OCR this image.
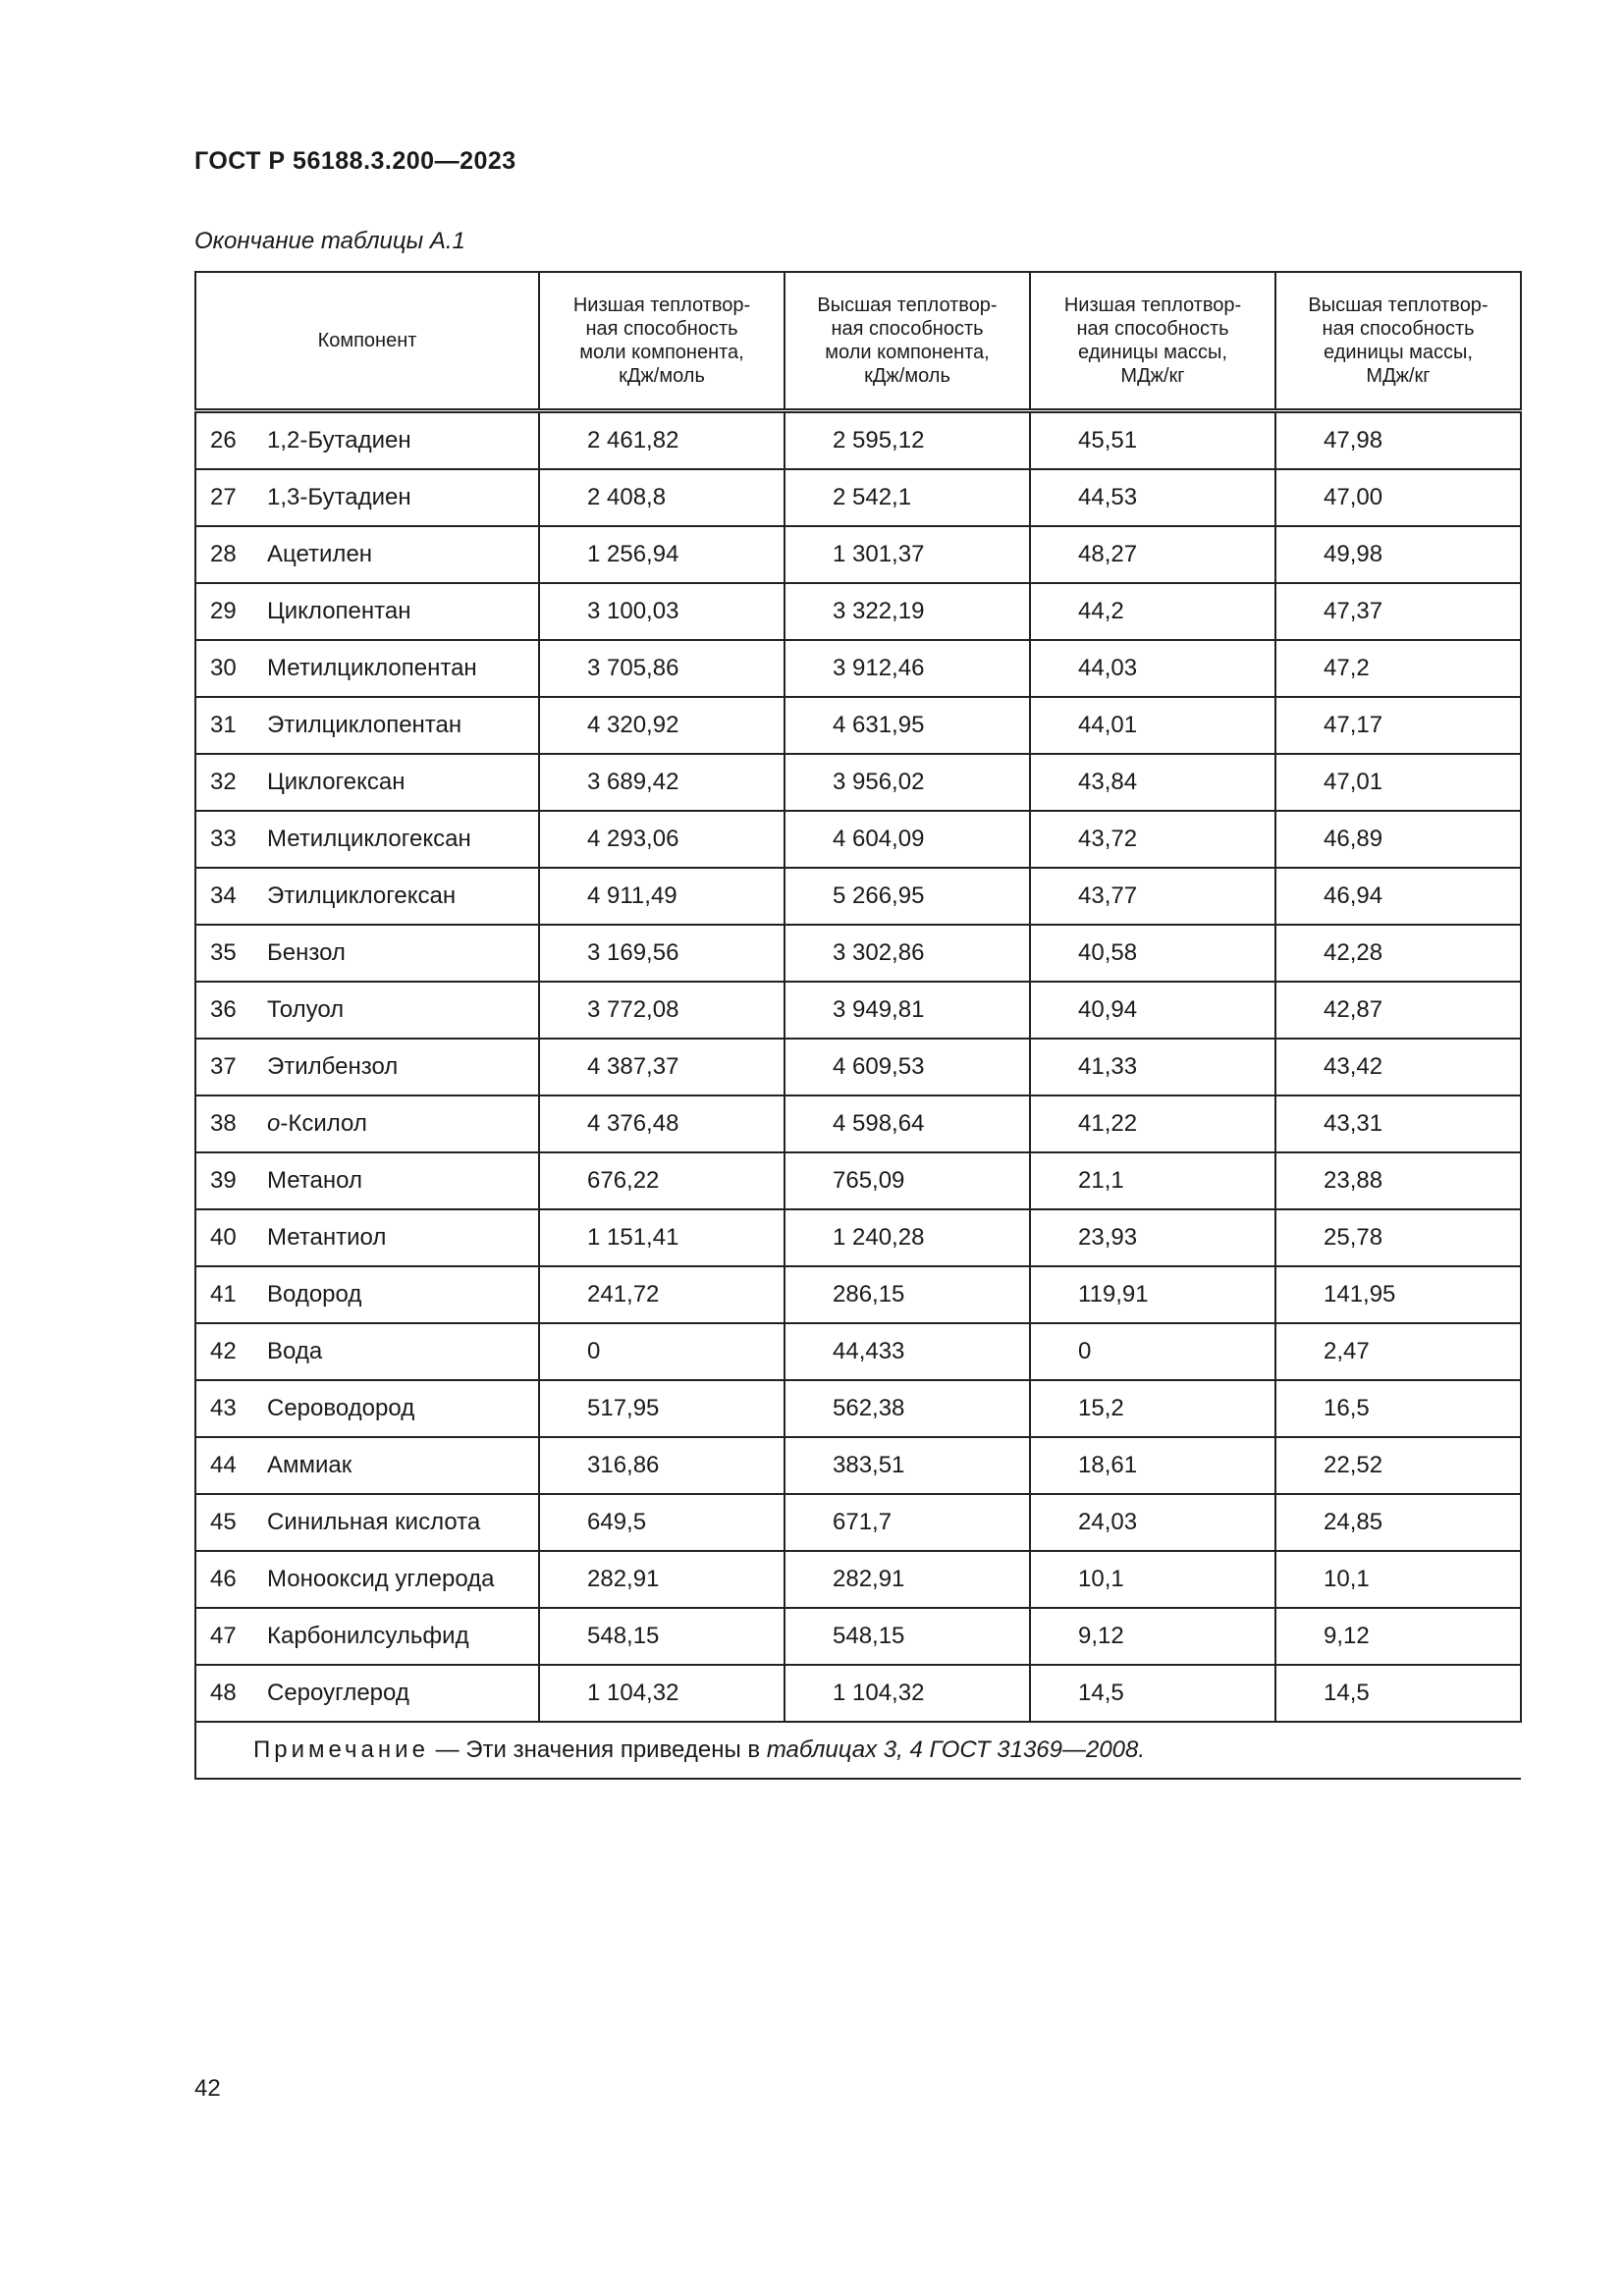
ГОСТ Р 56188.3.200—2023
Окончание таблицы А.1
Компонент	Низшая теплотвор-
ная способность
моли компонента,
кДж/моль	Высшая теплотвор-
ная способность
моли компонента,
кДж/моль	Низшая теплотвор-
ная способность
единицы массы,
МДж/кг	Высшая теплотвор-
ная способность
единицы массы,
МДж/кг
26 1,2-Бутадиен	2 461,82	2 595,12	45,51	47,98
27 1,3-Бутадиен	2 408,8	2 542,1	44,53	47,00
28 Ацетилен	1 256,94	1 301,37	48,27	49,98
29 Циклопентан	3 100,03	3 322,19	44,2	47,37
30 Метилциклопентан	3 705,86	3 912,46	44,03	47,2
31 Этилциклопентан	4 320,92	4 631,95	44,01	47,17
32 Циклогексан	3 689,42	3 956,02	43,84	47,01
33 Метилциклогексан	4 293,06	4 604,09	43,72	46,89
34 Этилциклогексан	4 911,49	5 266,95	43,77	46,94
35 Бензол	3 169,56	3 302,86	40,58	42,28
36 Толуол	3 772,08	3 949,81	40,94	42,87
37 Этилбензол	4 387,37	4 609,53	41,33	43,42
38 о-Ксилол	4 376,48	4 598,64	41,22	43,31
39 Метанол	676,22	765,09	21,1	23,88
40 Метантиол	1 151,41	1 240,28	23,93	25,78
41 Водород	241,72	286,15	119,91	141,95
42 Вода	0	44,433	0	2,47
43 Сероводород	517,95	562,38	15,2	16,5
44 Аммиак	316,86	383,51	18,61	22,52
45 Синильная кислота	649,5	671,7	24,03	24,85
46 Монооксид углерода	282,91	282,91	10,1	10,1
47 Карбонилсульфид	548,15	548,15	9,12	9,12
48 Сероуглерод	1 104,32	1 104,32	14,5	14,5
Примечание — Эти значения приведены в таблицах 3, 4 ГОСТ 31369—2008.				
42
